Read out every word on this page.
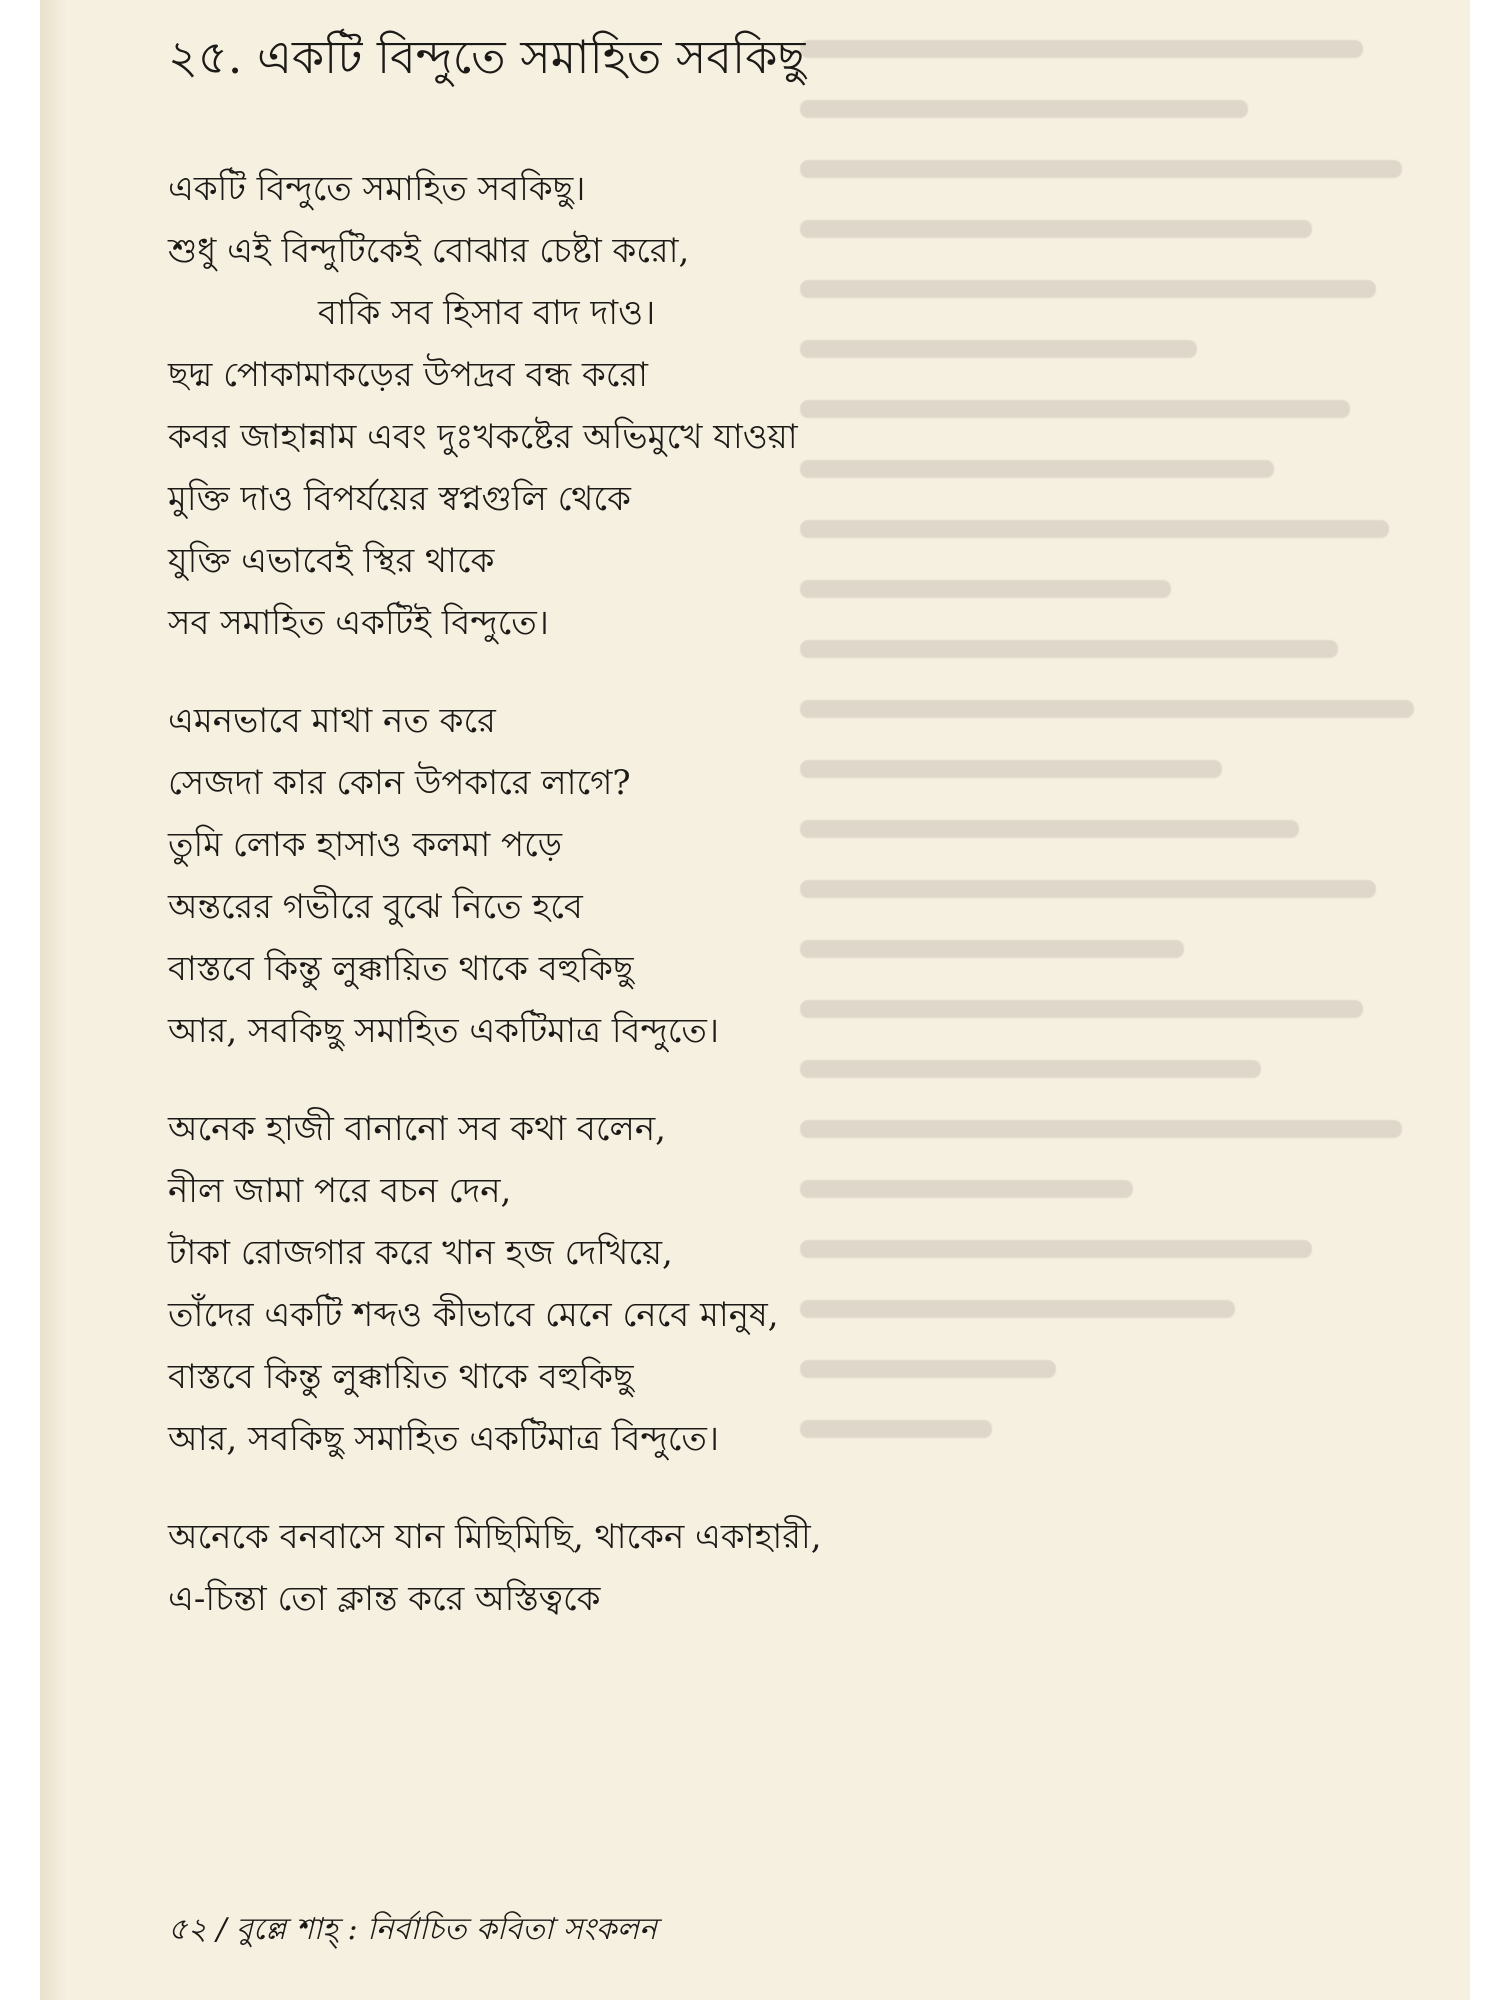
২৫. একটি বিন্দুতে সমাহিত সবকিছু
একটি বিন্দুতে সমাহিত সবকিছু।
শুধু এই বিন্দুটিকেই বোঝার চেষ্টা করো,
বাকি সব হিসাব বাদ দাও।
ছদ্ম পোকামাকড়ের উপদ্রব বন্ধ করো
কবর জাহান্নাম এবং দুঃখকষ্টের অভিমুখে যাওয়া
মুক্তি দাও বিপর্যয়ের স্বপ্নগুলি থেকে
যুক্তি এভাবেই স্থির থাকে
সব সমাহিত একটিই বিন্দুতে।
এমনভাবে মাথা নত করে
সেজদা কার কোন উপকারে লাগে?
তুমি লোক হাসাও কলমা পড়ে
অন্তরের গভীরে বুঝে নিতে হবে
বাস্তবে কিন্তু লুক্কায়িত থাকে বহুকিছু
আর, সবকিছু সমাহিত একটিমাত্র বিন্দুতে।
অনেক হাজী বানানো সব কথা বলেন,
নীল জামা পরে বচন দেন,
টাকা রোজগার করে খান হজ দেখিয়ে,
তাঁদের একটি শব্দও কীভাবে মেনে নেবে মানুষ,
বাস্তবে কিন্তু লুক্কায়িত থাকে বহুকিছু
আর, সবকিছু সমাহিত একটিমাত্র বিন্দুতে।
অনেকে বনবাসে যান মিছিমিছি, থাকেন একাহারী,
এ-চিন্তা তো ক্লান্ত করে অস্তিত্বকে
৫২ / বুল্লে শাহ্ : নির্বাচিত কবিতা সংকলন
